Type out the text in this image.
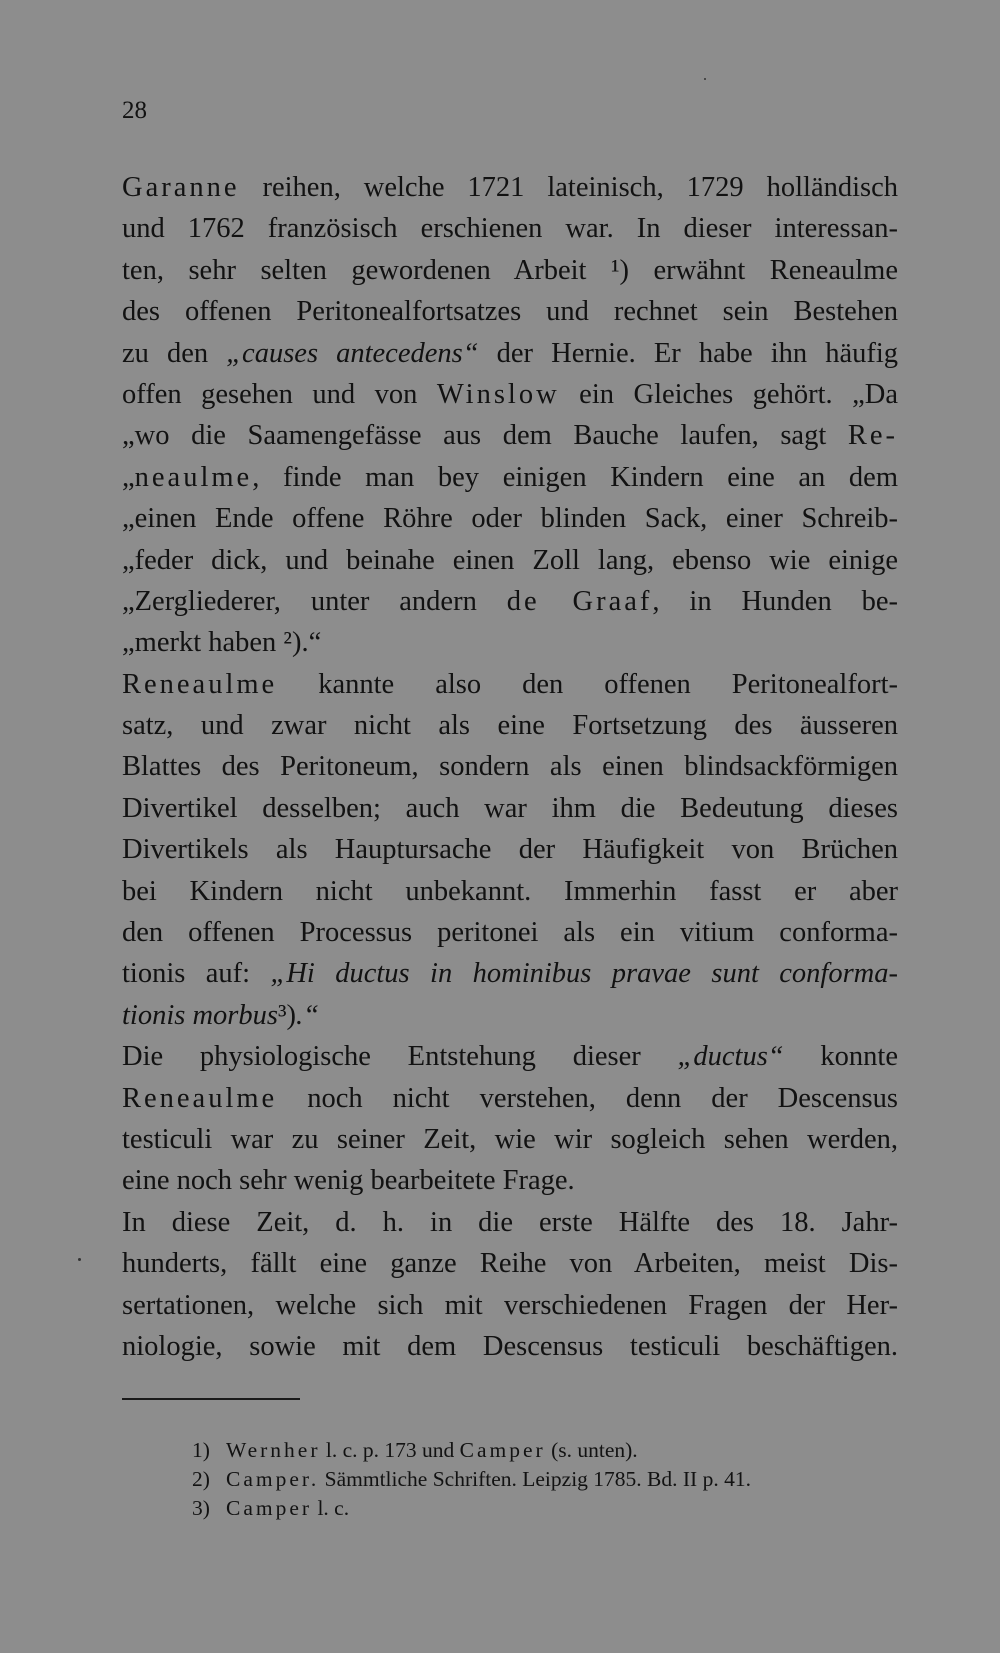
28
Garanne reihen, welche 1721 lateinisch, 1729 holländisch
und 1762 französisch erschienen war. In dieser interessan-
ten, sehr selten gewordenen Arbeit ¹) erwähnt Reneaulme
des offenen Peritonealfortsatzes und rechnet sein Bestehen
zu den „causes antecedens“ der Hernie. Er habe ihn häufig
offen gesehen und von Winslow ein Gleiches gehört. „Da
„wo die Saamengefässe aus dem Bauche laufen, sagt Re-
„neaulme, finde man bey einigen Kindern eine an dem
„einen Ende offene Röhre oder blinden Sack, einer Schreib-
„feder dick, und beinahe einen Zoll lang, ebenso wie einige
„Zergliederer, unter andern de Graaf, in Hunden be-
„merkt haben ²).“
Reneaulme kannte also den offenen Peritonealfort-
satz, und zwar nicht als eine Fortsetzung des äusseren
Blattes des Peritoneum, sondern als einen blindsackförmigen
Divertikel desselben; auch war ihm die Bedeutung dieses
Divertikels als Hauptursache der Häufigkeit von Brüchen
bei Kindern nicht unbekannt. Immerhin fasst er aber
den offenen Processus peritonei als ein vitium conforma-
tionis auf: „Hi ductus in hominibus pravae sunt conforma-
tionis morbus³).“
Die physiologische Entstehung dieser „ductus“ konnte
Reneaulme noch nicht verstehen, denn der Descensus
testiculi war zu seiner Zeit, wie wir sogleich sehen werden,
eine noch sehr wenig bearbeitete Frage.
In diese Zeit, d. h. in die erste Hälfte des 18. Jahr-
hunderts, fällt eine ganze Reihe von Arbeiten, meist Dis-
sertationen, welche sich mit verschiedenen Fragen der Her-
niologie, sowie mit dem Descensus testiculi beschäftigen.
1) Wernher l. c. p. 173 und Camper (s. unten).
2) Camper. Sämmtliche Schriften. Leipzig 1785. Bd. II p. 41.
3) Camper l. c.
